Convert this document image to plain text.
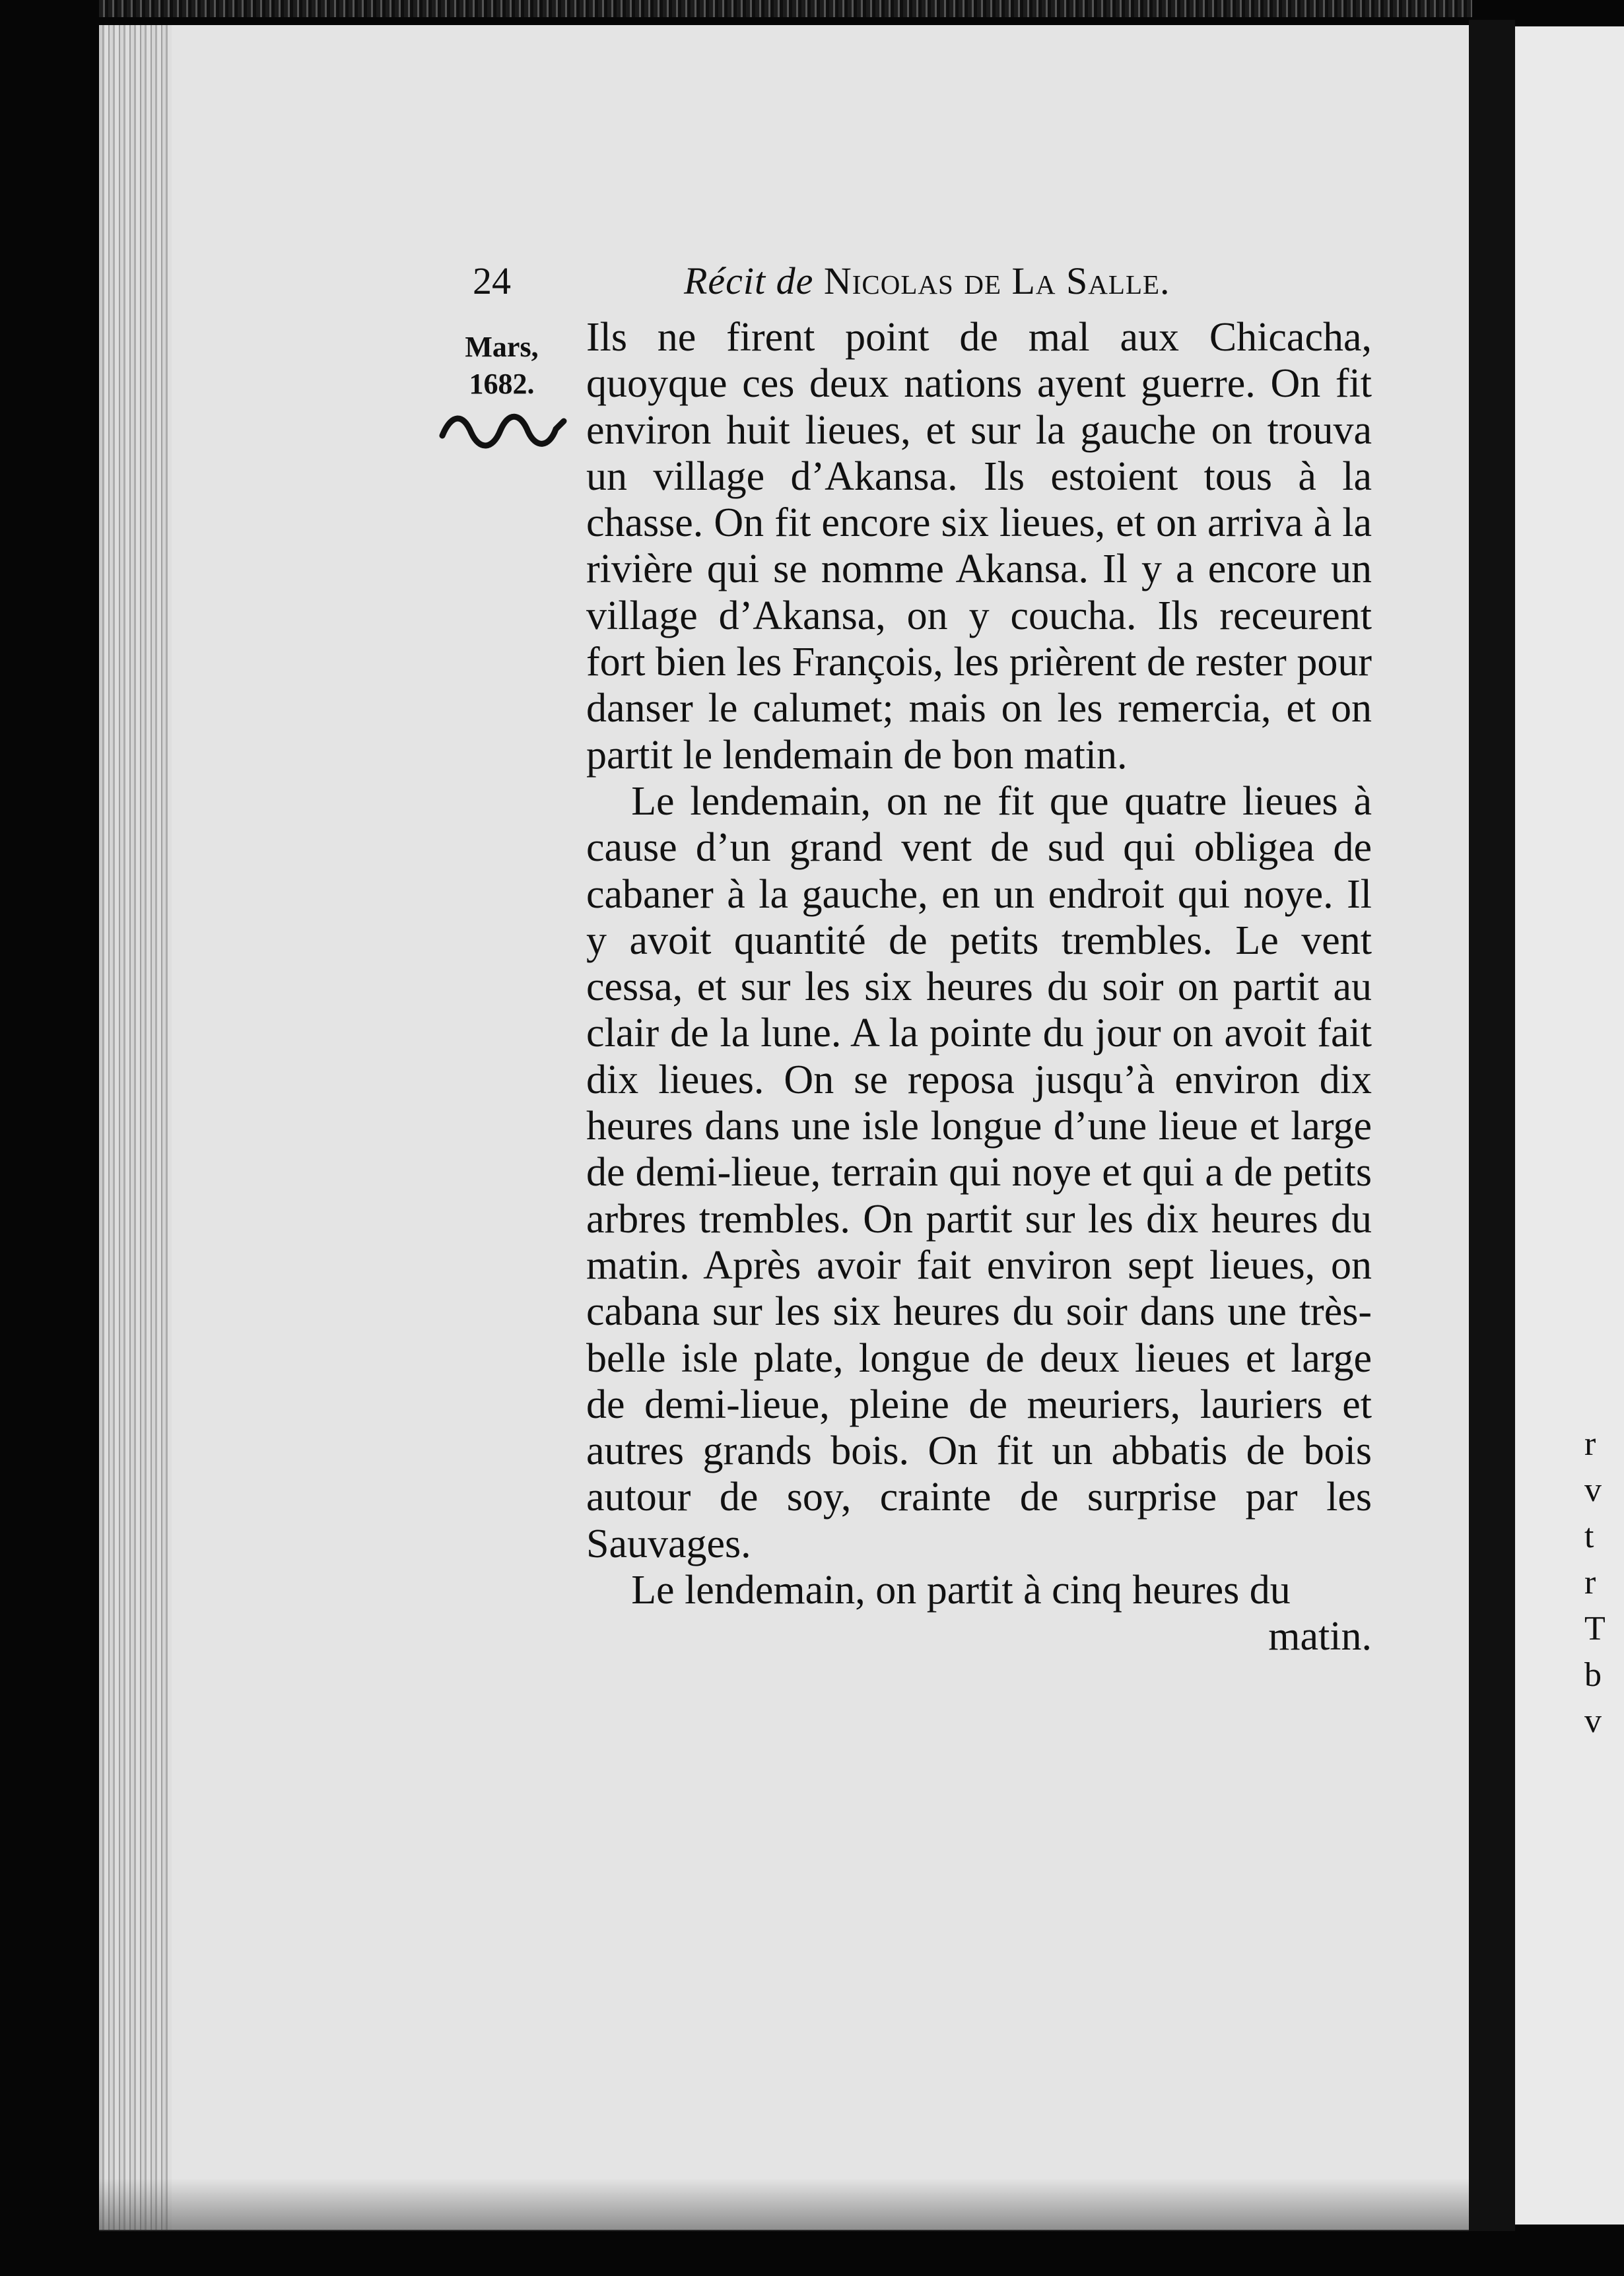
r
v
t
r
T
b
v
24	Récit de Nicolas de La Salle.
Mars,
1682.

Ils ne firent point de mal aux Chicacha, quoyque ces deux nations ayent guerre. On fit environ huit lieues, et sur la gauche on trouva un village d’Akansa. Ils estoient tous à la chasse. On fit encore six lieues, et on arriva à la rivière qui se nomme Akansa. Il y a encore un village d’Akansa, on y coucha. Ils receurent fort bien les François, les prièrent de rester pour danser le calumet; mais on les remercia, et on partit le lendemain de bon matin.

Le lendemain, on ne fit que quatre lieues à cause d’un grand vent de sud qui obligea de cabaner à la gauche, en un endroit qui noye. Il y avoit quantité de petits trembles. Le vent cessa, et sur les six heures du soir on partit au clair de la lune. A la pointe du jour on avoit fait dix lieues. On se reposa jusqu’à environ dix heures dans une isle longue d’une lieue et large de demi-lieue, terrain qui noye et qui a de petits arbres trembles. On partit sur les dix heures du matin. Après avoir fait environ sept lieues, on cabana sur les six heures du soir dans une très-belle isle plate, longue de deux lieues et large de demi-lieue, pleine de meuriers, lauriers et autres grands bois. On fit un abbatis de bois autour de soy, crainte de surprise par les Sauvages.

Le lendemain, on partit à cinq heures du

matin.
